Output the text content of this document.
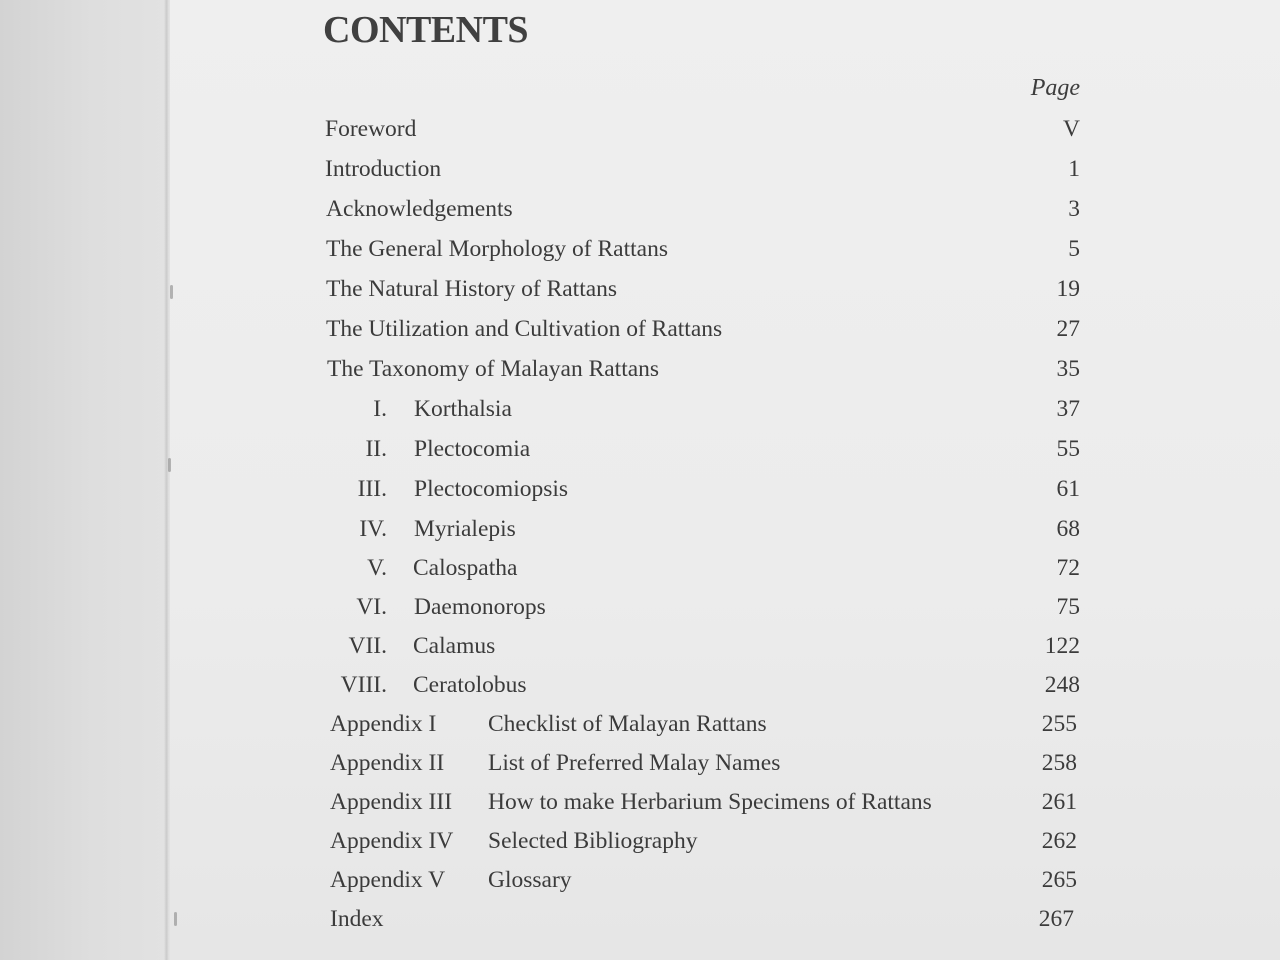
CONTENTS
Page
Foreword	V
Introduction	1
Acknowledgements	3
The General Morphology of Rattans	5
The Natural History of Rattans	19
The Utilization and Cultivation of Rattans	27
The Taxonomy of Malayan Rattans	35
I. Korthalsia	37
II. Plectocomia	55
III. Plectocomiopsis	61
IV. Myrialepis	68
V. Calospatha	72
VI. Daemonorops	75
VII. Calamus	122
VIII. Ceratolobus	248
Appendix I Checklist of Malayan Rattans	255
Appendix II List of Preferred Malay Names	258
Appendix III How to make Herbarium Specimens of Rattans	261
Appendix IV Selected Bibliography	262
Appendix V Glossary	265
Index	267
